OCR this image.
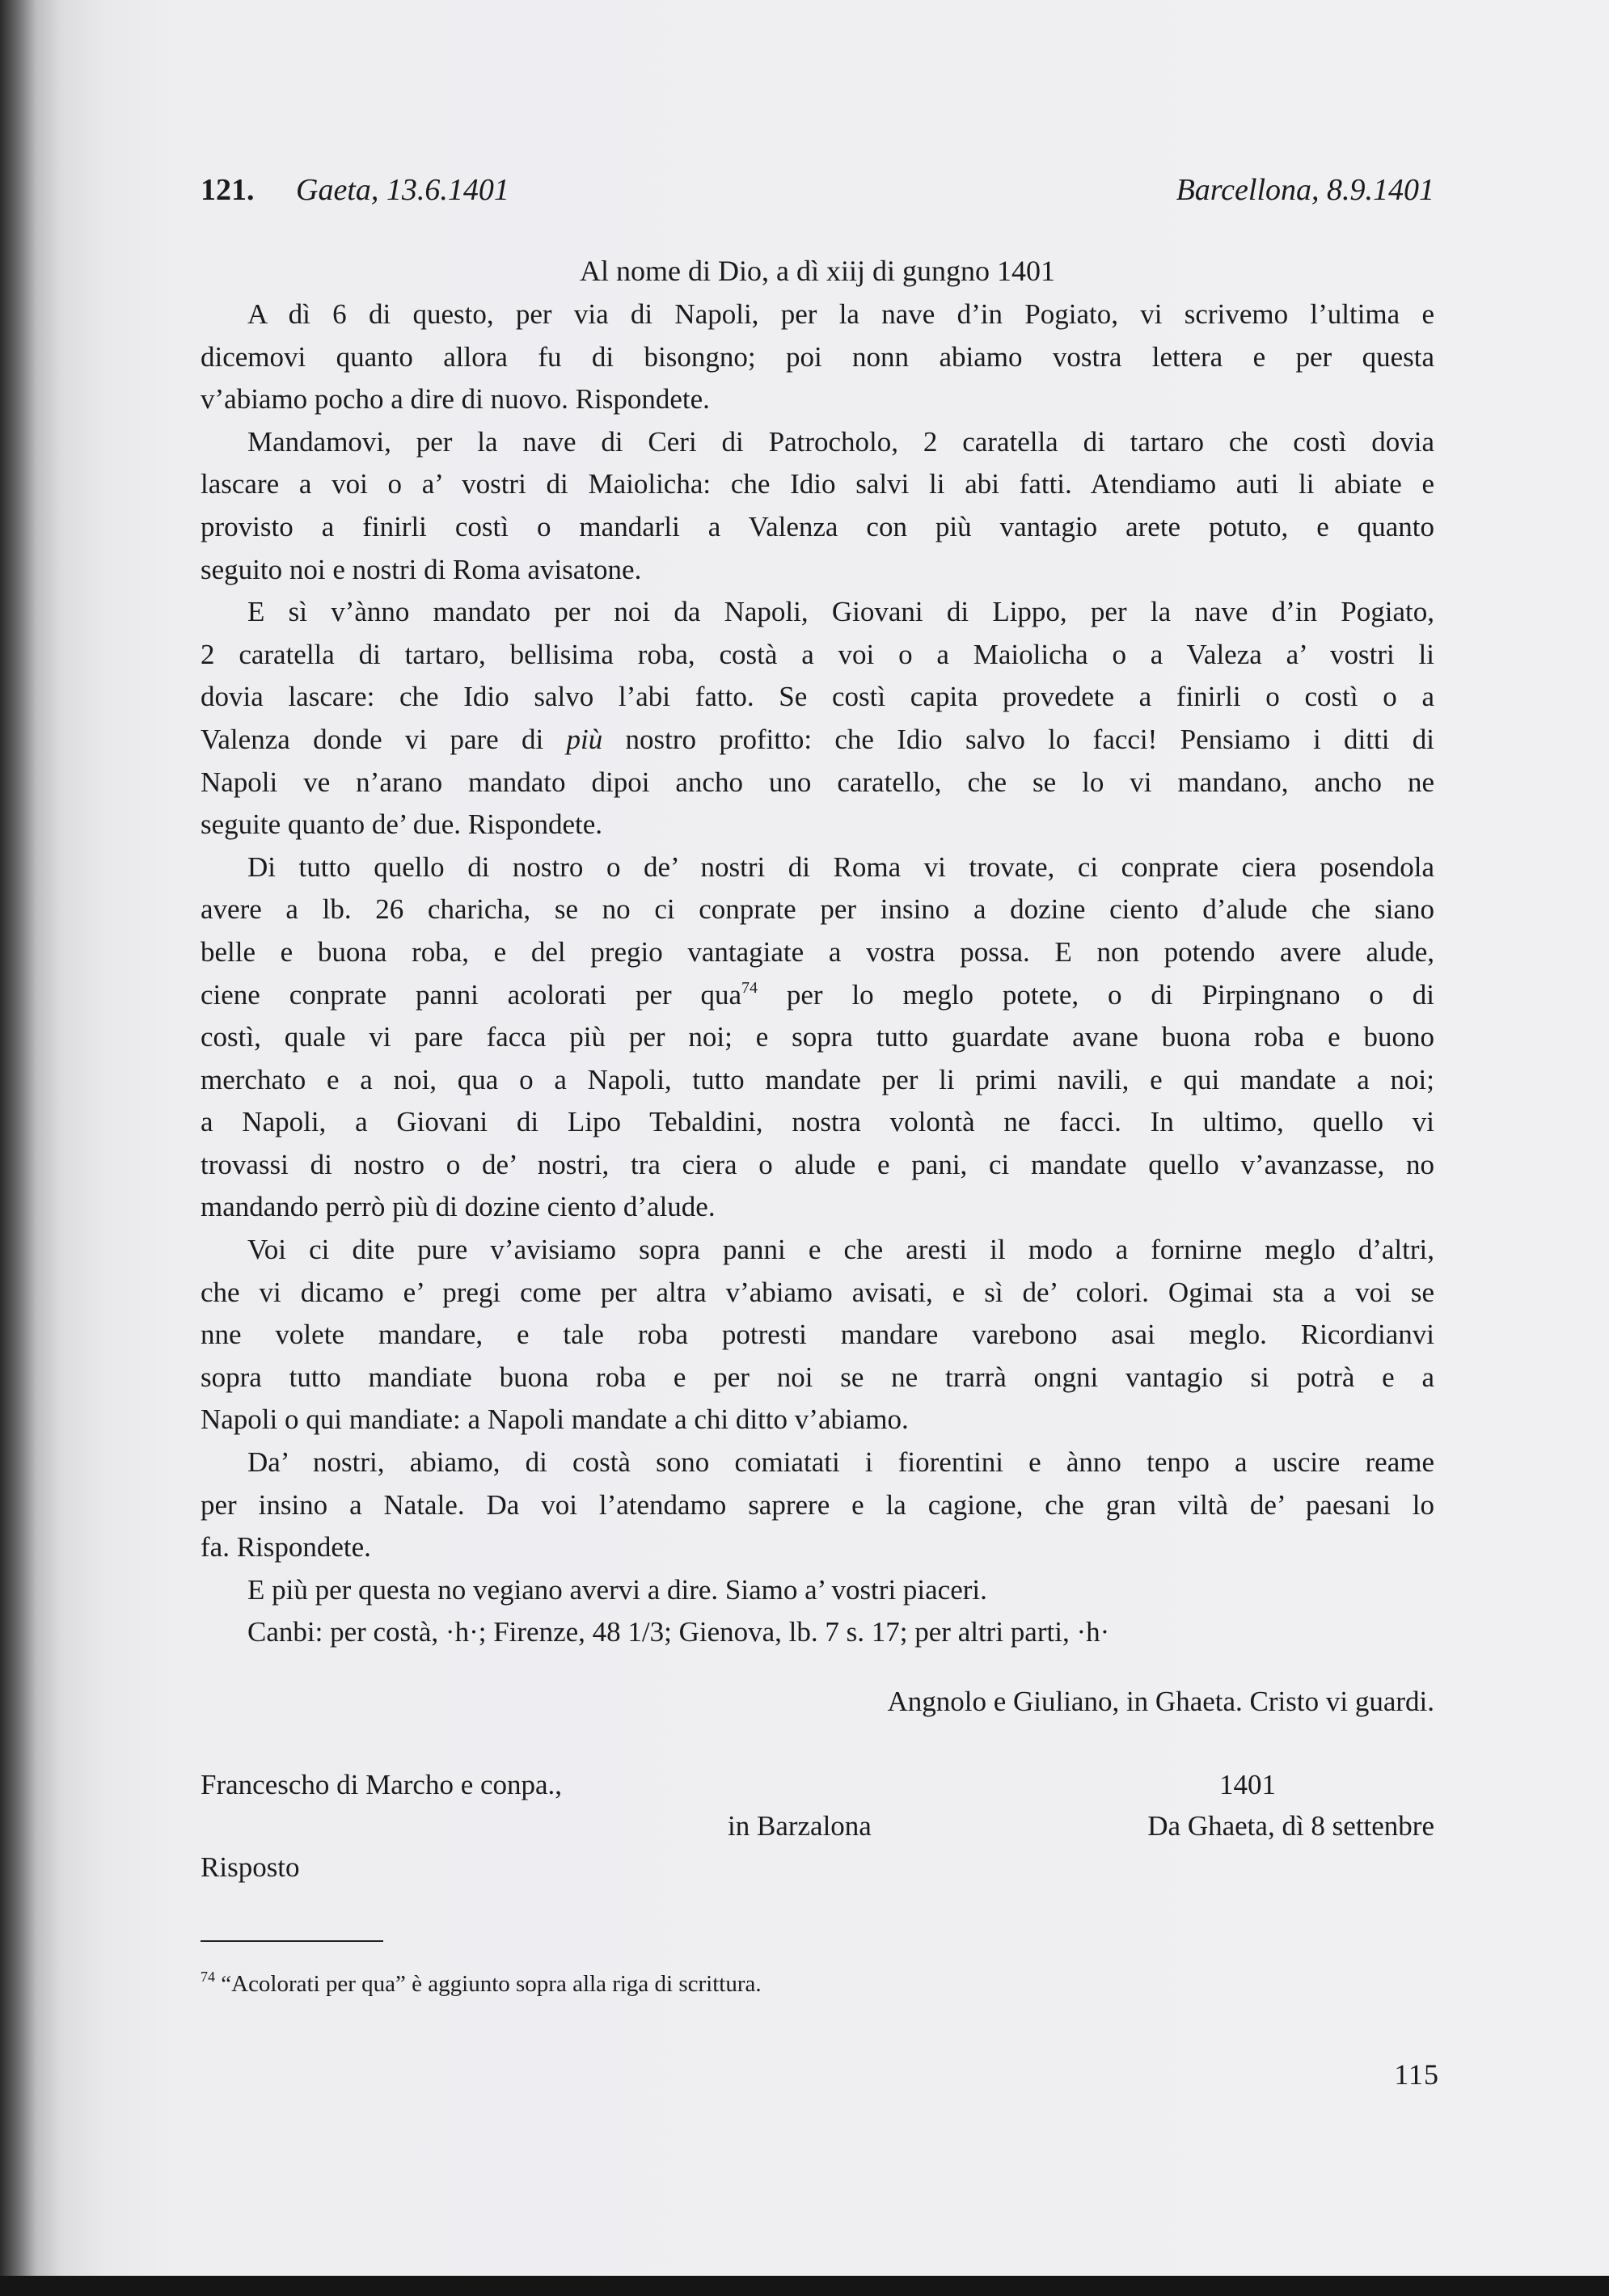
121. Gaeta, 13.6.1401	Barcellona, 8.9.1401
Al nome di Dio, a dì xiij di gungno 1401
A dì 6 di questo, per via di Napoli, per la nave d’in Pogiato, vi scrivemo l’ultima e
dicemovi quanto allora fu di bisongno; poi nonn abiamo vostra lettera e per questa
v’abiamo pocho a dire di nuovo. Rispondete.
Mandamovi, per la nave di Ceri di Patrocholo, 2 caratella di tartaro che costì dovia
lascare a voi o a’ vostri di Maiolicha: che Idio salvi li abi fatti. Atendiamo auti li abiate e
provisto a finirli costì o mandarli a Valenza con più vantagio arete potuto, e quanto
seguito noi e nostri di Roma avisatone.
E sì v’ànno mandato per noi da Napoli, Giovani di Lippo, per la nave d’in Pogiato,
2 caratella di tartaro, bellisima roba, costà a voi o a Maiolicha o a Valeza a’ vostri li
dovia lascare: che Idio salvo l’abi fatto. Se costì capita provedete a finirli o costì o a
Valenza donde vi pare di più nostro profitto: che Idio salvo lo facci! Pensiamo i ditti di
Napoli ve n’arano mandato dipoi ancho uno caratello, che se lo vi mandano, ancho ne
seguite quanto de’ due. Rispondete.
Di tutto quello di nostro o de’ nostri di Roma vi trovate, ci conprate ciera posendola
avere a lb. 26 charicha, se no ci conprate per insino a dozine ciento d’alude che siano
belle e buona roba, e del pregio vantagiate a vostra possa. E non potendo avere alude,
ciene conprate panni acolorati per qua$^{74}$ per lo meglo potete, o di Pirpingnano o di
costì, quale vi pare facca più per noi; e sopra tutto guardate avane buona roba e buono
merchato e a noi, qua o a Napoli, tutto mandate per li primi navili, e qui mandate a noi;
a Napoli, a Giovani di Lipo Tebaldini, nostra volontà ne facci. In ultimo, quello vi
trovassi di nostro o de’ nostri, tra ciera o alude e pani, ci mandate quello v’avanzasse, no
mandando perrò più di dozine ciento d’alude.
Voi ci dite pure v’avisiamo sopra panni e che aresti il modo a fornirne meglo d’altri,
che vi dicamo e’ pregi come per altra v’abiamo avisati, e sì de’ colori. Ogimai sta a voi se
nne volete mandare, e tale roba potresti mandare varebono asai meglo. Ricordianvi
sopra tutto mandiate buona roba e per noi se ne trarrà ongni vantagio si potrà e a
Napoli o qui mandiate: a Napoli mandate a chi ditto v’abiamo.
Da’ nostri, abiamo, di costà sono comiatati i fiorentini e ànno tenpo a uscire reame
per insino a Natale. Da voi l’atendamo saprere e la cagione, che gran viltà de’ paesani lo
fa. Rispondete.
E più per questa no vegiano avervi a dire. Siamo a’ vostri piaceri.
Canbi: per costà, ·h·; Firenze, 48 1/3; Gienova, lb. 7 s. 17; per altri parti, ·h·
Angnolo e Giuliano, in Ghaeta. Cristo vi guardi.
Francescho di Marcho e conpa.,	1401
in Barzalona	Da Ghaeta, dì 8 settenbre
Risposto
$^{74}$ “Acolorati per qua” è aggiunto sopra alla riga di scrittura.
115
